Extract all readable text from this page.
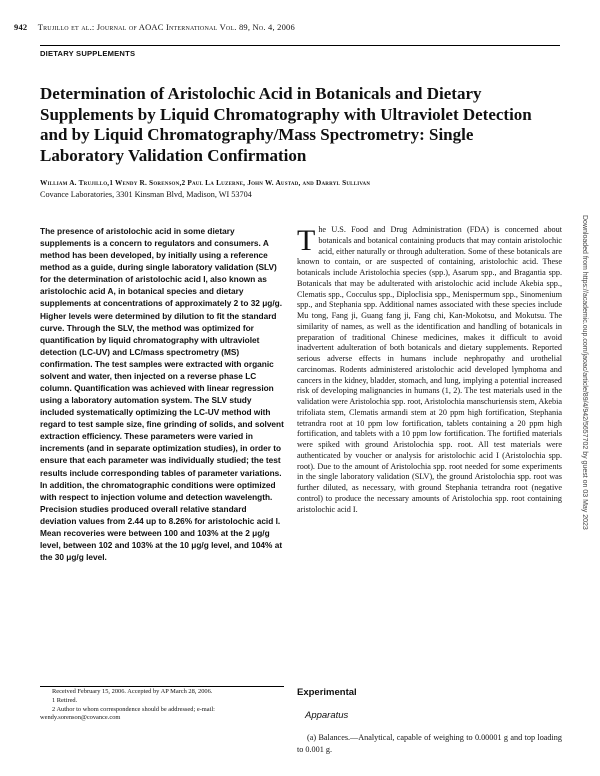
942 Trujillo et al.: Journal of AOAC International Vol. 89, No. 4, 2006
DIETARY SUPPLEMENTS
Determination of Aristolochic Acid in Botanicals and Dietary Supplements by Liquid Chromatography with Ultraviolet Detection and by Liquid Chromatography/Mass Spectrometry: Single Laboratory Validation Confirmation
William A. Trujillo,1 Wendy R. Sorenson,2 Paul La Luzerne, John W. Austad, and Darryl Sullivan
Covance Laboratories, 3301 Kinsman Blvd, Madison, WI 53704

The presence of aristolochic acid in some dietary supplements is a concern to regulators and consumers. A method has been developed, by initially using a reference method as a guide, during single laboratory validation (SLV) for the determination of aristolochic acid I, also known as aristolochic acid A, in botanical species and dietary supplements at concentrations of approximately 2 to 32 μg/g. Higher levels were determined by dilution to fit the standard curve. Through the SLV, the method was optimized for quantification by liquid chromatography with ultraviolet detection (LC-UV) and LC/mass spectrometry (MS) confirmation. The test samples were extracted with organic solvent and water, then injected on a reverse phase LC column. Quantification was achieved with linear regression using a laboratory automation system. The SLV study included systematically optimizing the LC-UV method with regard to test sample size, fine grinding of solids, and solvent extraction efficiency. These parameters were varied in increments (and in separate optimization studies), in order to ensure that each parameter was individually studied; the test results include corresponding tables of parameter variations. In addition, the chromatographic conditions were optimized with respect to injection volume and detection wavelength. Precision studies produced overall relative standard deviation values from 2.44 up to 8.26% for aristolochic acid I. Mean recoveries were between 100 and 103% at the 2 μg/g level, between 102 and 103% at the 10 μg/g level, and 104% at the 30 μg/g level.

Received February 15, 2006. Accepted by AP March 28, 2006.

1 Retired.

2 Author to whom correspondence should be addressed; e-mail: wendy.sorenson@covance.com

The U.S. Food and Drug Administration (FDA) is concerned about botanicals and botanical containing products that may contain aristolochic acid, either naturally or through adulteration. Some of these botanicals are known to contain, or are suspected of containing, aristolochic acid. These botanicals include Aristolochia species (spp.), Asarum spp., and Bragantia spp. Botanicals that may be adulterated with aristolochic acid include Akebia spp., Clematis spp., Cocculus spp., Diploclisia spp., Menispermum spp., Sinomenium spp., and Stephania spp. Additional names associated with these species include Mu tong, Fang ji, Guang fang ji, Fang chi, Kan-Mokotsu, and Mokutsu. The similarity of names, as well as the identification and handling of botanicals in preparation of traditional Chinese medicines, makes it difficult to avoid inadvertent adulteration of both botanicals and dietary supplements. Reported serious adverse effects in humans include nephropathy and urothelial carcinomas. Rodents administered aristolochic acid developed lymphoma and cancers in the kidney, bladder, stomach, and lung, implying a potential increased risk of developing malignancies in humans (1, 2). The test materials used in the validation were Aristolochia spp. root, Aristolochia manschuriensis stem, Akebia trifoliata stem, Clematis armandi stem at 20 ppm high fortification, Stephania tetrandra root at 10 ppm low fortification, tablets containing a 20 ppm high fortification, and tablets with a 10 ppm low fortification. The fortified materials were spiked with ground Aristolochia spp. root. All test materials were authenticated by voucher or analysis for aristolochic acid I (Aristolochia spp. root). Due to the amount of Aristolochia spp. root needed for some experiments in the single laboratory validation (SLV), the ground Aristolochia spp. root was further diluted, as necessary, with ground Stephania tetrandra root (negative control) to produce the necessary amounts of Aristolochia spp. root containing aristolochic acid I.
Experimental
Apparatus

(a) Balances.—Analytical, capable of weighing to 0.00001 g and top loading to 0.001 g.

Downloaded from https://academic.oup.com/jaoac/article/89/4/942/5657702 by guest on 03 May 2023
